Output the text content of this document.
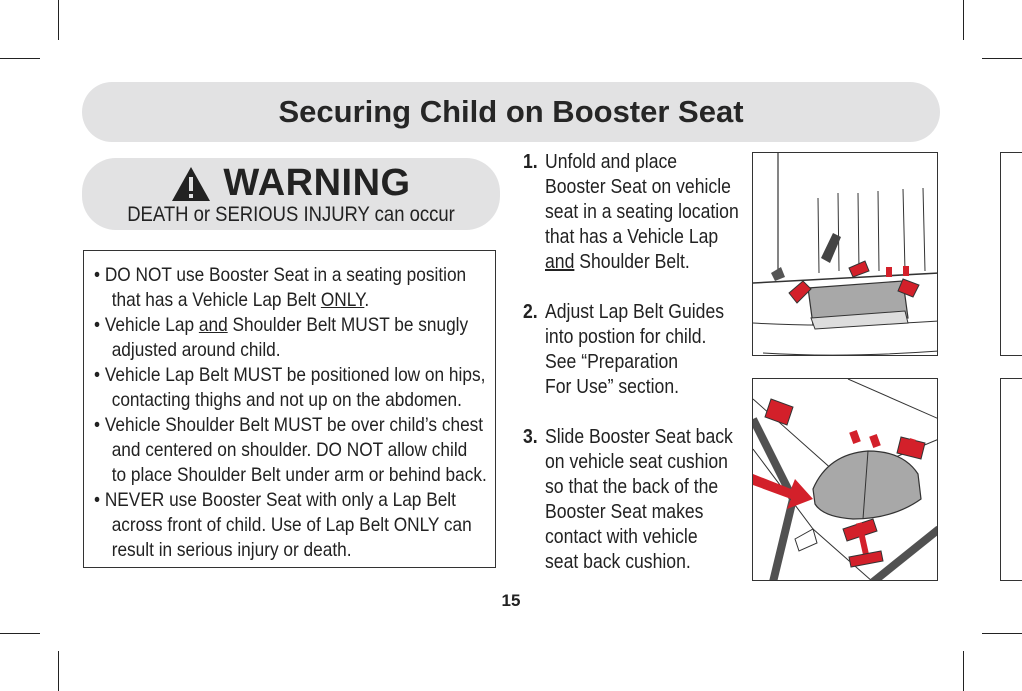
Securing Child on Booster Seat
WARNING
DEATH or SERIOUS INJURY can occur
• DO NOT use Booster Seat in a seating position
that has a Vehicle Lap Belt ONLY.
• Vehicle Lap and Shoulder Belt MUST be snugly
adjusted around child.
• Vehicle Lap Belt MUST be positioned low on hips,
contacting thighs and not up on the abdomen.
• Vehicle Shoulder Belt MUST be over child’s chest
and centered on shoulder. DO NOT allow child
to place Shoulder Belt under arm or behind back.
• NEVER use Booster Seat with only a Lap Belt
across front of child. Use of Lap Belt ONLY can
result in serious injury or death.
1. Unfold and place
Booster Seat on vehicle
seat in a seating location
that has a Vehicle Lap
and Shoulder Belt.
2. Adjust Lap Belt Guides
into postion for child.
See “Preparation
For Use” section.
3. Slide Booster Seat back
on vehicle seat cushion
so that the back of the
Booster Seat makes
contact with vehicle
seat back cushion.
15
